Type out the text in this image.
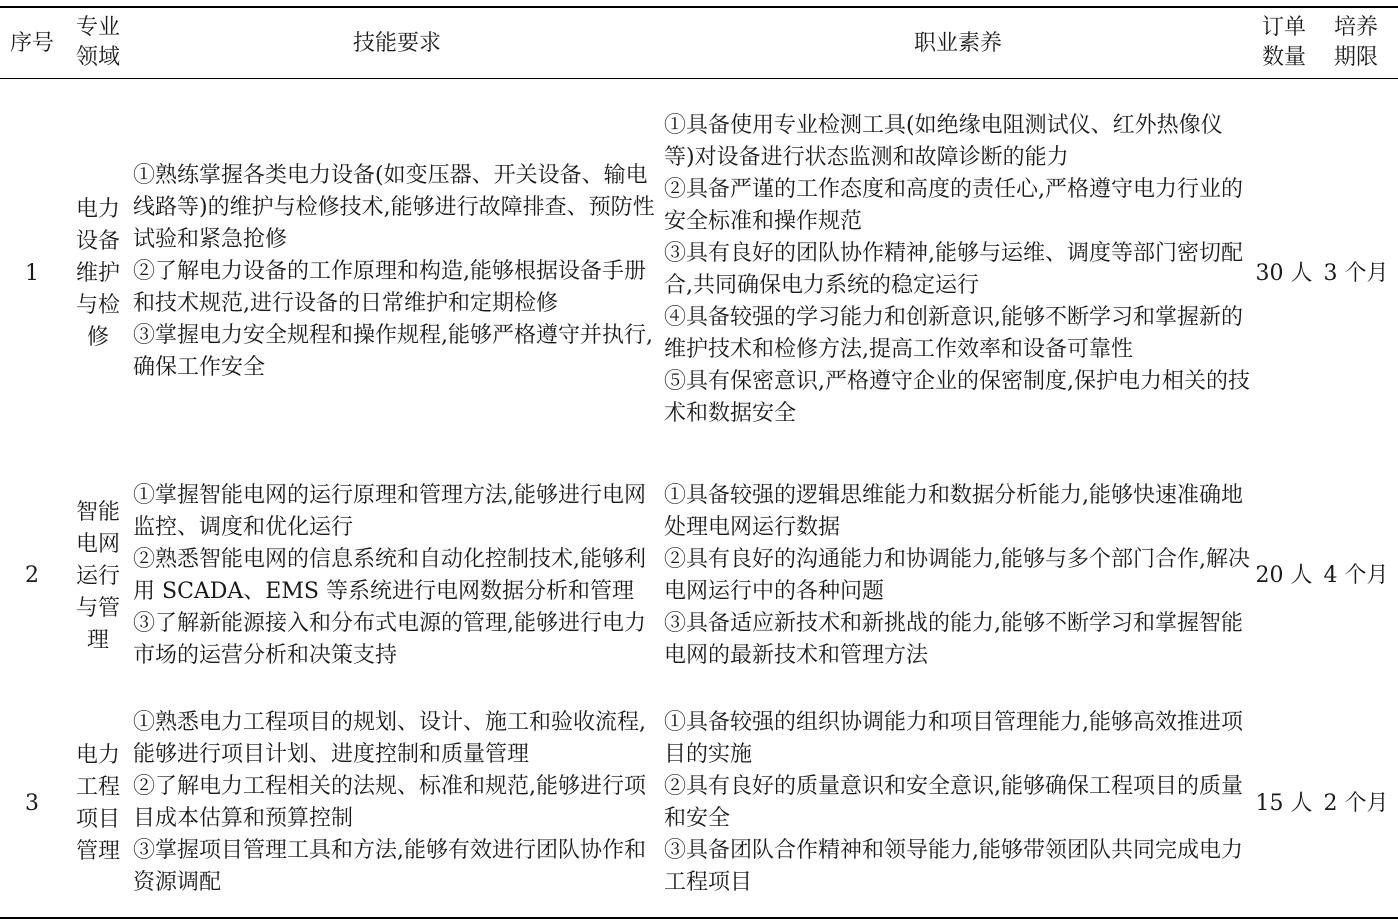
序号
专业
领域
技能要求	职业素养
订单
数量
培养
期限
1
电力
设备
维护
与检
修

①熟练掌握各类电力设备(如变压器、开关设备、输电线路等)的维护与检修技术,能够进行故障排查、预防性试验和紧急抢修

②了解电力设备的工作原理和构造,能够根据设备手册和技术规范,进行设备的日常维护和定期检修

③掌握电力安全规程和操作规程,能够严格遵守并执行,确保工作安全

①具备使用专业检测工具(如绝缘电阻测试仪、红外热像仪等)对设备进行状态监测和故障诊断的能力

②具备严谨的工作态度和高度的责任心,严格遵守电力行业的安全标准和操作规范

③具有良好的团队协作精神,能够与运维、调度等部门密切配合,共同确保电力系统的稳定运行

④具备较强的学习能力和创新意识,能够不断学习和掌握新的维护技术和检修方法,提高工作效率和设备可靠性

⑤具有保密意识,严格遵守企业的保密制度,保护电力相关的技术和数据安全

30 人 3 个月
2
智能
电网
运行
与管
理

①掌握智能电网的运行原理和管理方法,能够进行电网监控、调度和优化运行

②熟悉智能电网的信息系统和自动化控制技术,能够利用 SCADA、EMS 等系统进行电网数据分析和管理

③了解新能源接入和分布式电源的管理,能够进行电力市场的运营分析和决策支持

①具备较强的逻辑思维能力和数据分析能力,能够快速准确地处理电网运行数据

②具有良好的沟通能力和协调能力,能够与多个部门合作,解决电网运行中的各种问题

③具备适应新技术和新挑战的能力,能够不断学习和掌握智能电网的最新技术和管理方法

20 人 4 个月
3
电力
工程
项目
管理

①熟悉电力工程项目的规划、设计、施工和验收流程,能够进行项目计划、进度控制和质量管理

②了解电力工程相关的法规、标准和规范,能够进行项目成本估算和预算控制

③掌握项目管理工具和方法,能够有效进行团队协作和资源调配

①具备较强的组织协调能力和项目管理能力,能够高效推进项目的实施

②具有良好的质量意识和安全意识,能够确保工程项目的质量和安全

③具备团队合作精神和领导能力,能够带领团队共同完成电力工程项目

15 人 2 个月
